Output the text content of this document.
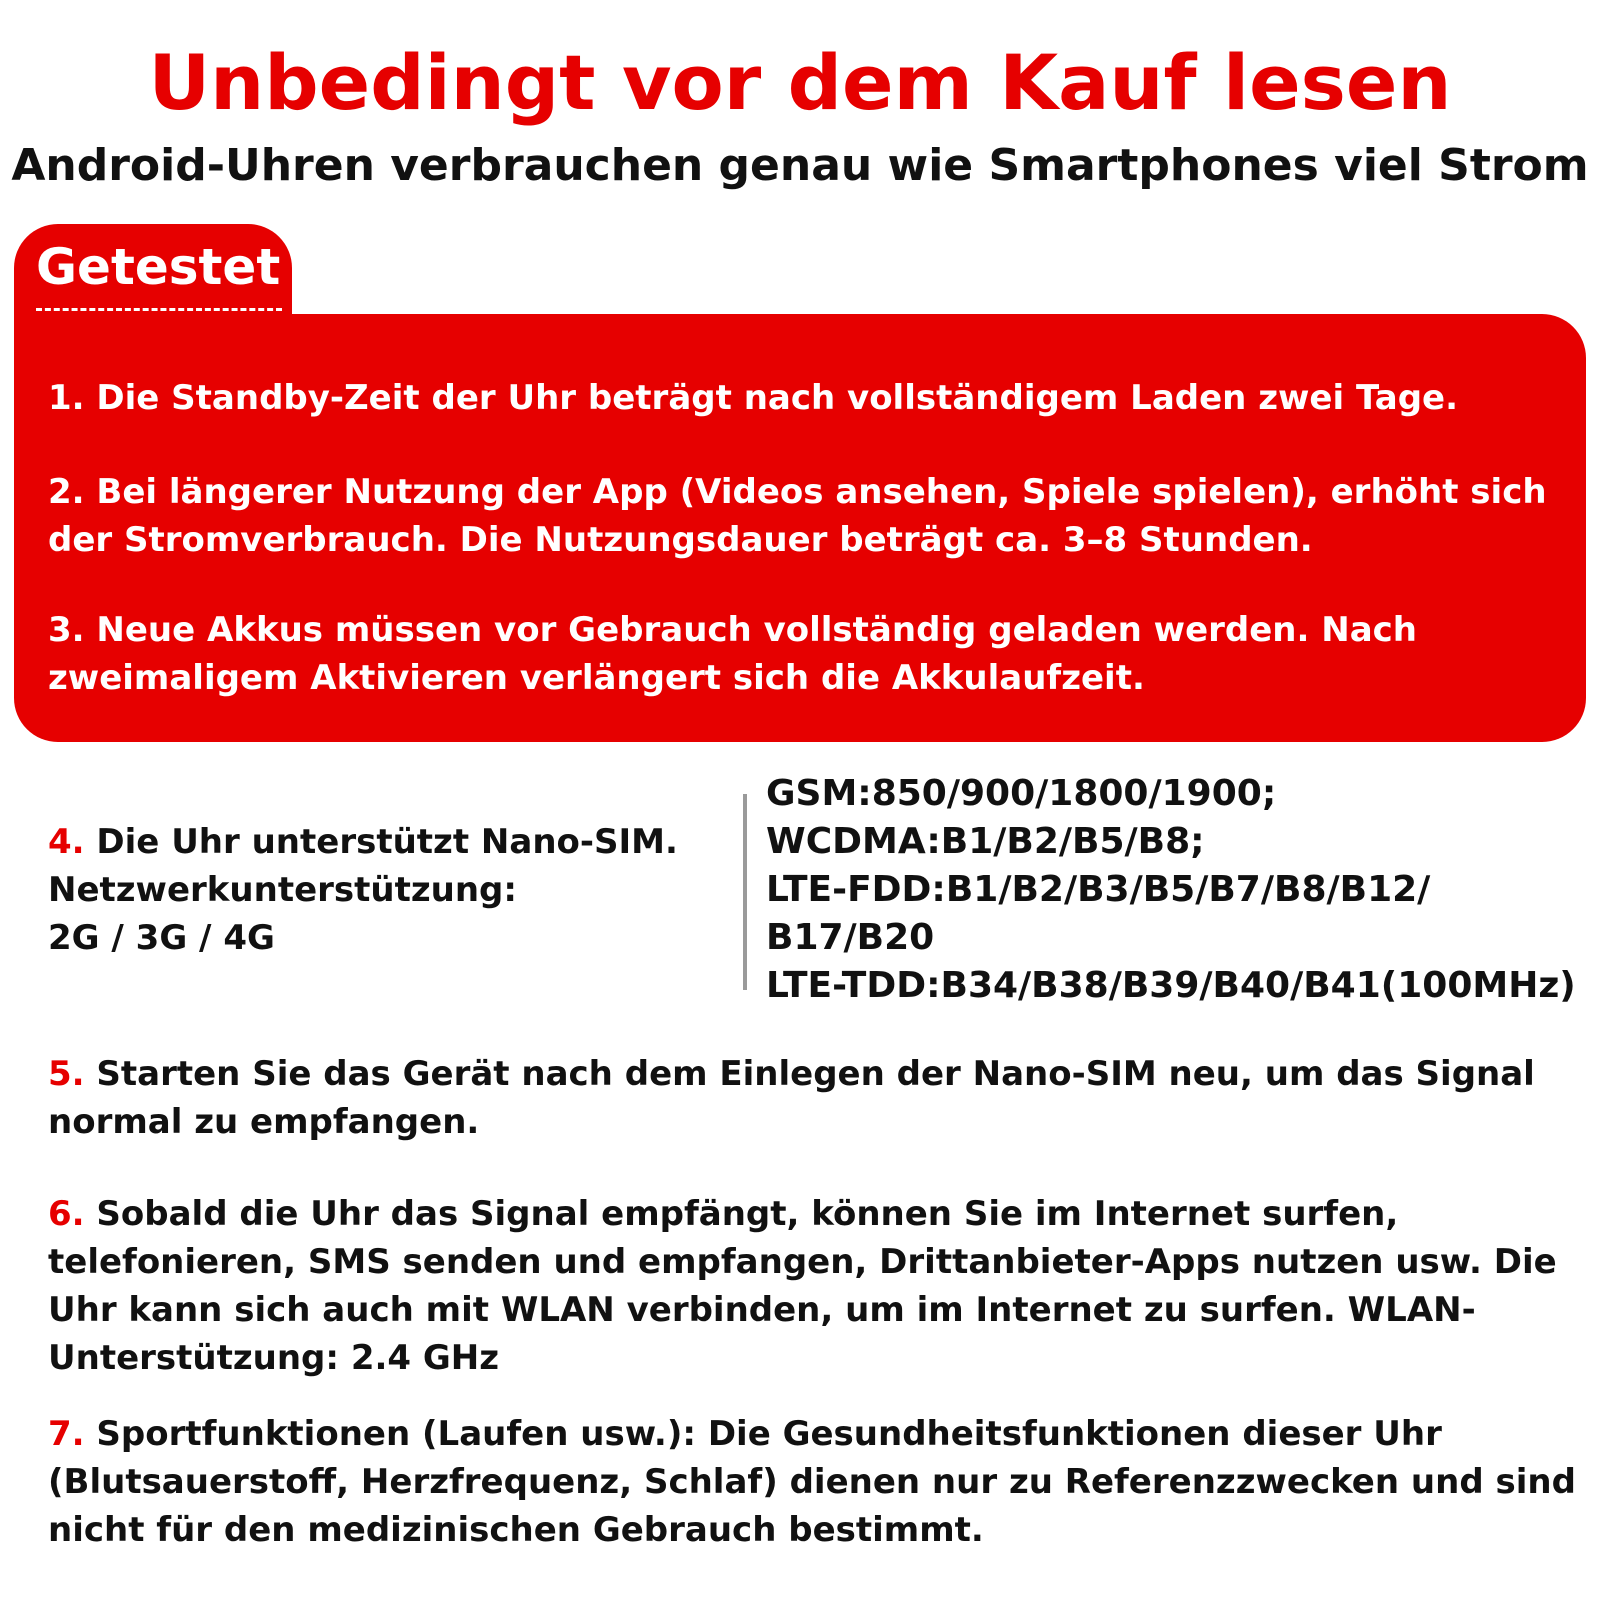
Unbedingt vor dem Kauf lesen
Android-Uhren verbrauchen genau wie Smartphones viel Strom
Getestet
1. Die Standby-Zeit der Uhr beträgt nach vollständigem Laden zwei Tage.
2. Bei längerer Nutzung der App (Videos ansehen, Spiele spielen), erhöht sich der Stromverbrauch. Die Nutzungsdauer beträgt ca. 3–8 Stunden.
3. Neue Akkus müssen vor Gebrauch vollständig geladen werden. Nach zweimaligem Aktivieren verlängert sich die Akkulaufzeit.
4. Die Uhr unterstützt Nano-SIM.
Netzwerkunterstützung:
2G / 3G / 4G
GSM:850/900/1800/1900;
WCDMA:B1/B2/B5/B8;
LTE-FDD:B1/B2/B3/B5/B7/B8/B12/
B17/B20
LTE-TDD:B34/B38/B39/B40/B41(100MHz)
5. Starten Sie das Gerät nach dem Einlegen der Nano-SIM neu, um das Signal normal zu empfangen.
6. Sobald die Uhr das Signal empfängt, können Sie im Internet surfen, telefonieren, SMS senden und empfangen, Drittanbieter-Apps nutzen usw. Die Uhr kann sich auch mit WLAN verbinden, um im Internet zu surfen. WLAN-Unterstützung: 2.4 GHz
7. Sportfunktionen (Laufen usw.): Die Gesundheitsfunktionen dieser Uhr (Blutsauerstoff, Herzfrequenz, Schlaf) dienen nur zu Referenzzwecken und sind nicht für den medizinischen Gebrauch bestimmt.
